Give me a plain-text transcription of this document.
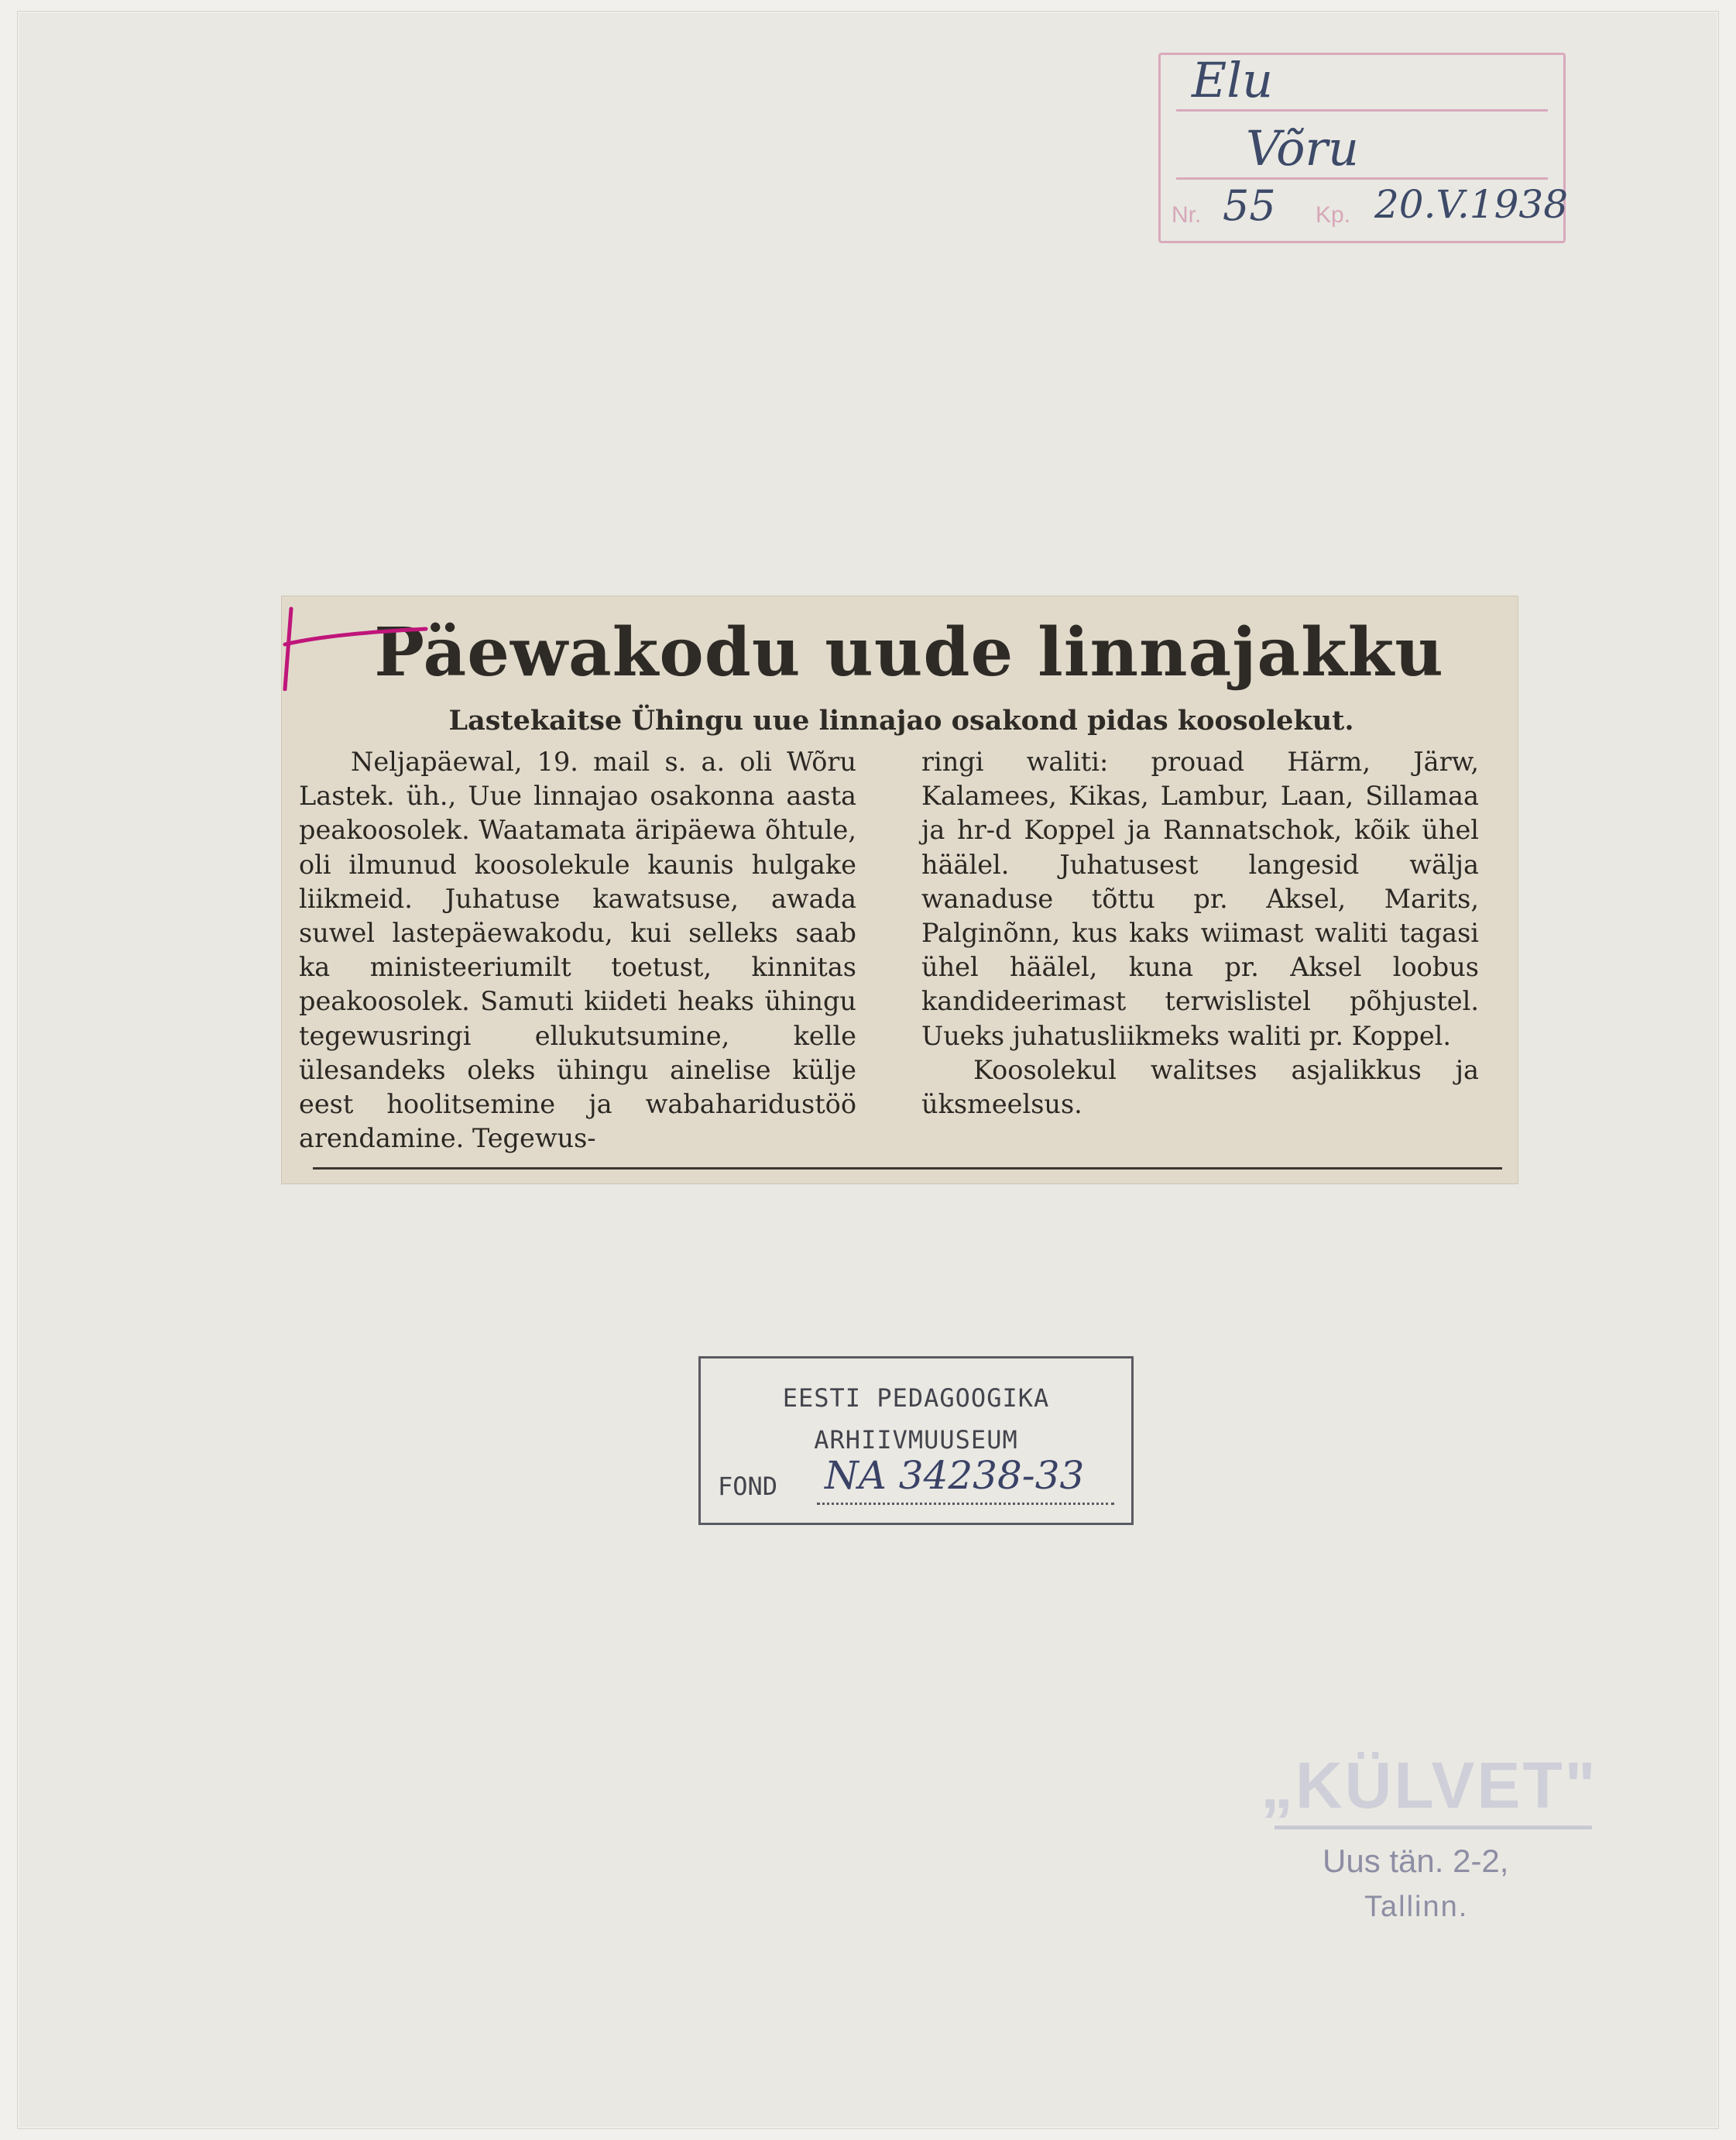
Elu
Võru
Nr. 55 Kp. 20.V.1938
Päewakodu uude linnajakku
Lastekaitse Ühingu uue linnajao osakond pidas koosolekut.

Neljapäewal, 19. mail s. a. oli Wõru Lastek. üh., Uue linnajao osakonna aasta peakoosolek. Waatamata äripäewa õhtule, oli ilmunud koosolekule kaunis hulgake liikmeid. Juhatuse kawatsuse, awada suwel lastepäewakodu, kui selleks saab ka ministeeriumilt toetust, kinnitas peakoosolek. Samuti kiideti heaks ühingu tegewusringi ellukutsumine, kelle ülesandeks oleks ühingu ainelise külje eest hoolitsemine ja wabaharidustöö arendamine. Tegewus-

ringi waliti: prouad Härm, Järw, Kalamees, Kikas, Lambur, Laan, Sillamaa ja hr-d Koppel ja Rannatschok, kõik ühel häälel. Juhatusest langesid wälja wanaduse tõttu pr. Aksel, Marits, Palginõnn, kus kaks wiimast waliti tagasi ühel häälel, kuna pr. Aksel loobus kandideerimast terwislistel põhjustel. Uueks juhatusliikmeks waliti pr. Koppel.

Koosolekul walitses asjalikkus ja üksmeelsus.

EESTI PEDAGOOGIKA
ARHIIVMUUSEUM
FOND NA 34238-33
„KÜLVET"
Uus tän. 2-2,
Tallinn.
